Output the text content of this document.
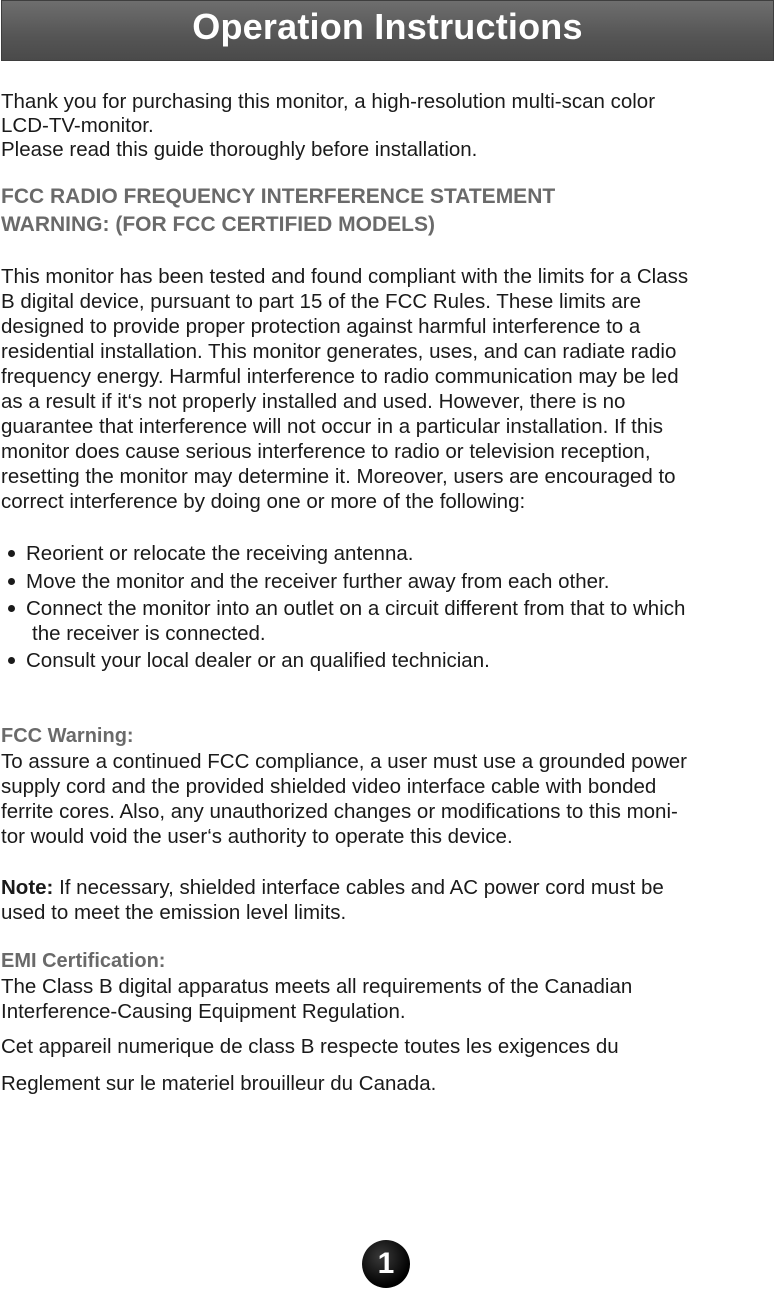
Operation Instructions
Thank you for purchasing this monitor, a high-resolution multi-scan color
LCD-TV-monitor.
Please read this guide thoroughly before installation.
FCC RADIO FREQUENCY INTERFERENCE STATEMENT
WARNING: (FOR FCC CERTIFIED MODELS)
This monitor has been tested and found compliant with the limits for a Class
B digital device, pursuant to part 15 of the FCC Rules. These limits are
designed to provide proper protection against harmful interference to a
residential installation. This monitor generates, uses, and can radiate radio
frequency energy. Harmful interference to radio communication may be led
as a result if it‘s not properly installed and used. However, there is no
guarantee that interference will not occur in a particular installation. If this
monitor does cause serious interference to radio or television reception,
resetting the monitor may determine it. Moreover, users are encouraged to
correct interference by doing one or more of the following:
Reorient or relocate the receiving antenna.
Move the monitor and the receiver further away from each other.
Connect the monitor into an outlet on a circuit different from that to which
the receiver is connected.
Consult your local dealer or an qualified technician.
FCC Warning:
To assure a continued FCC compliance, a user must use a grounded power
supply cord and the provided shielded video interface cable with bonded
ferrite cores. Also, any unauthorized changes or modifications to this moni-
tor would void the user‘s authority to operate this device.
Note: If necessary, shielded interface cables and AC power cord must be
used to meet the emission level limits.
EMI Certification:
The Class B digital apparatus meets all requirements of the Canadian
Interference-Causing Equipment Regulation.
Cet appareil numerique de class B respecte toutes les exigences du
Reglement sur le materiel brouilleur du Canada.
1
